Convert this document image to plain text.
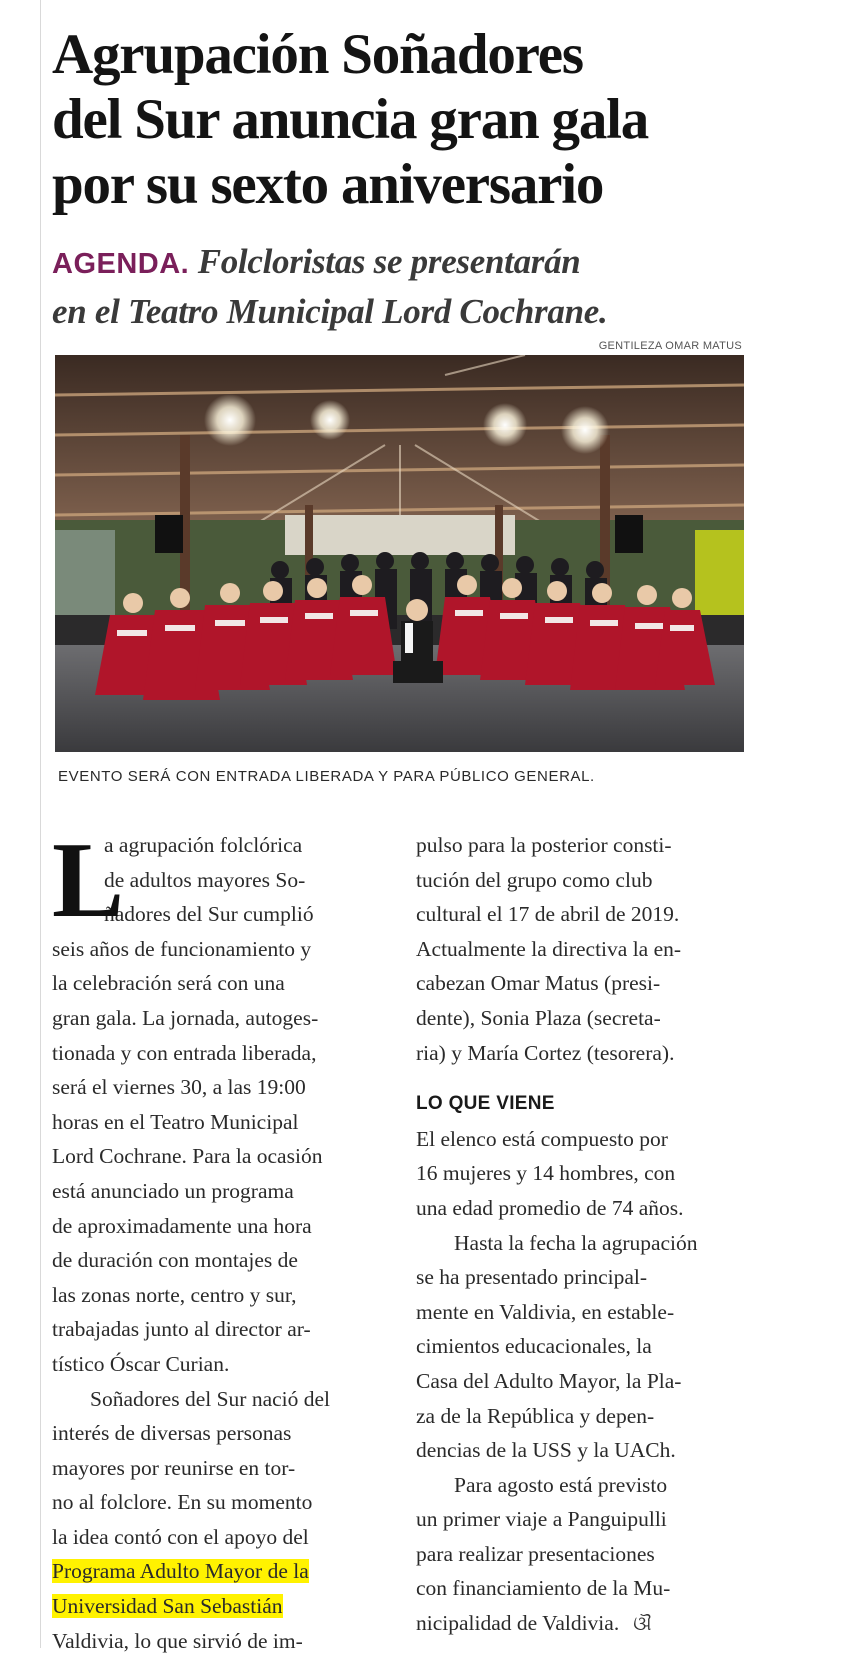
Agrupación Soñadores
del Sur anuncia gran gala
por su sexto aniversario
AGENDA. Folcloristas se presentarán
en el Teatro Municipal Lord Cochrane.
GENTILEZA OMAR MATUS
EVENTO SERÁ CON ENTRADA LIBERADA Y PARA PÚBLICO GENERAL.
L
a agrupación folclórica
de adultos mayores So-
ñadores del Sur cumplió
seis años de funcionamiento y
la celebración será con una
gran gala. La jornada, autoges-
tionada y con entrada liberada,
será el viernes 30, a las 19:00
horas en el Teatro Municipal
Lord Cochrane. Para la ocasión
está anunciado un programa
de aproximadamente una hora
de duración con montajes de
las zonas norte, centro y sur,
trabajadas junto al director ar-
tístico Óscar Curian.
Soñadores del Sur nació del
interés de diversas personas
mayores por reunirse en tor-
no al folclore. En su momento
la idea contó con el apoyo del
Programa Adulto Mayor de la
Universidad San Sebastián
Valdivia, lo que sirvió de im-
pulso para la posterior consti-
tución del grupo como club
cultural el 17 de abril de 2019.
Actualmente la directiva la en-
cabezan Omar Matus (presi-
dente), Sonia Plaza (secreta-
ria) y María Cortez (tesorera).
LO QUE VIENE
El elenco está compuesto por
16 mujeres y 14 hombres, con
una edad promedio de 74 años.
Hasta la fecha la agrupación
se ha presentado principal-
mente en Valdivia, en estable-
cimientos educacionales, la
Casa del Adulto Mayor, la Pla-
za de la República y depen-
dencias de la USS y la UACh.
Para agosto está previsto
un primer viaje a Panguipulli
para realizar presentaciones
con financiamiento de la Mu-
nicipalidad de Valdivia. ଔ
